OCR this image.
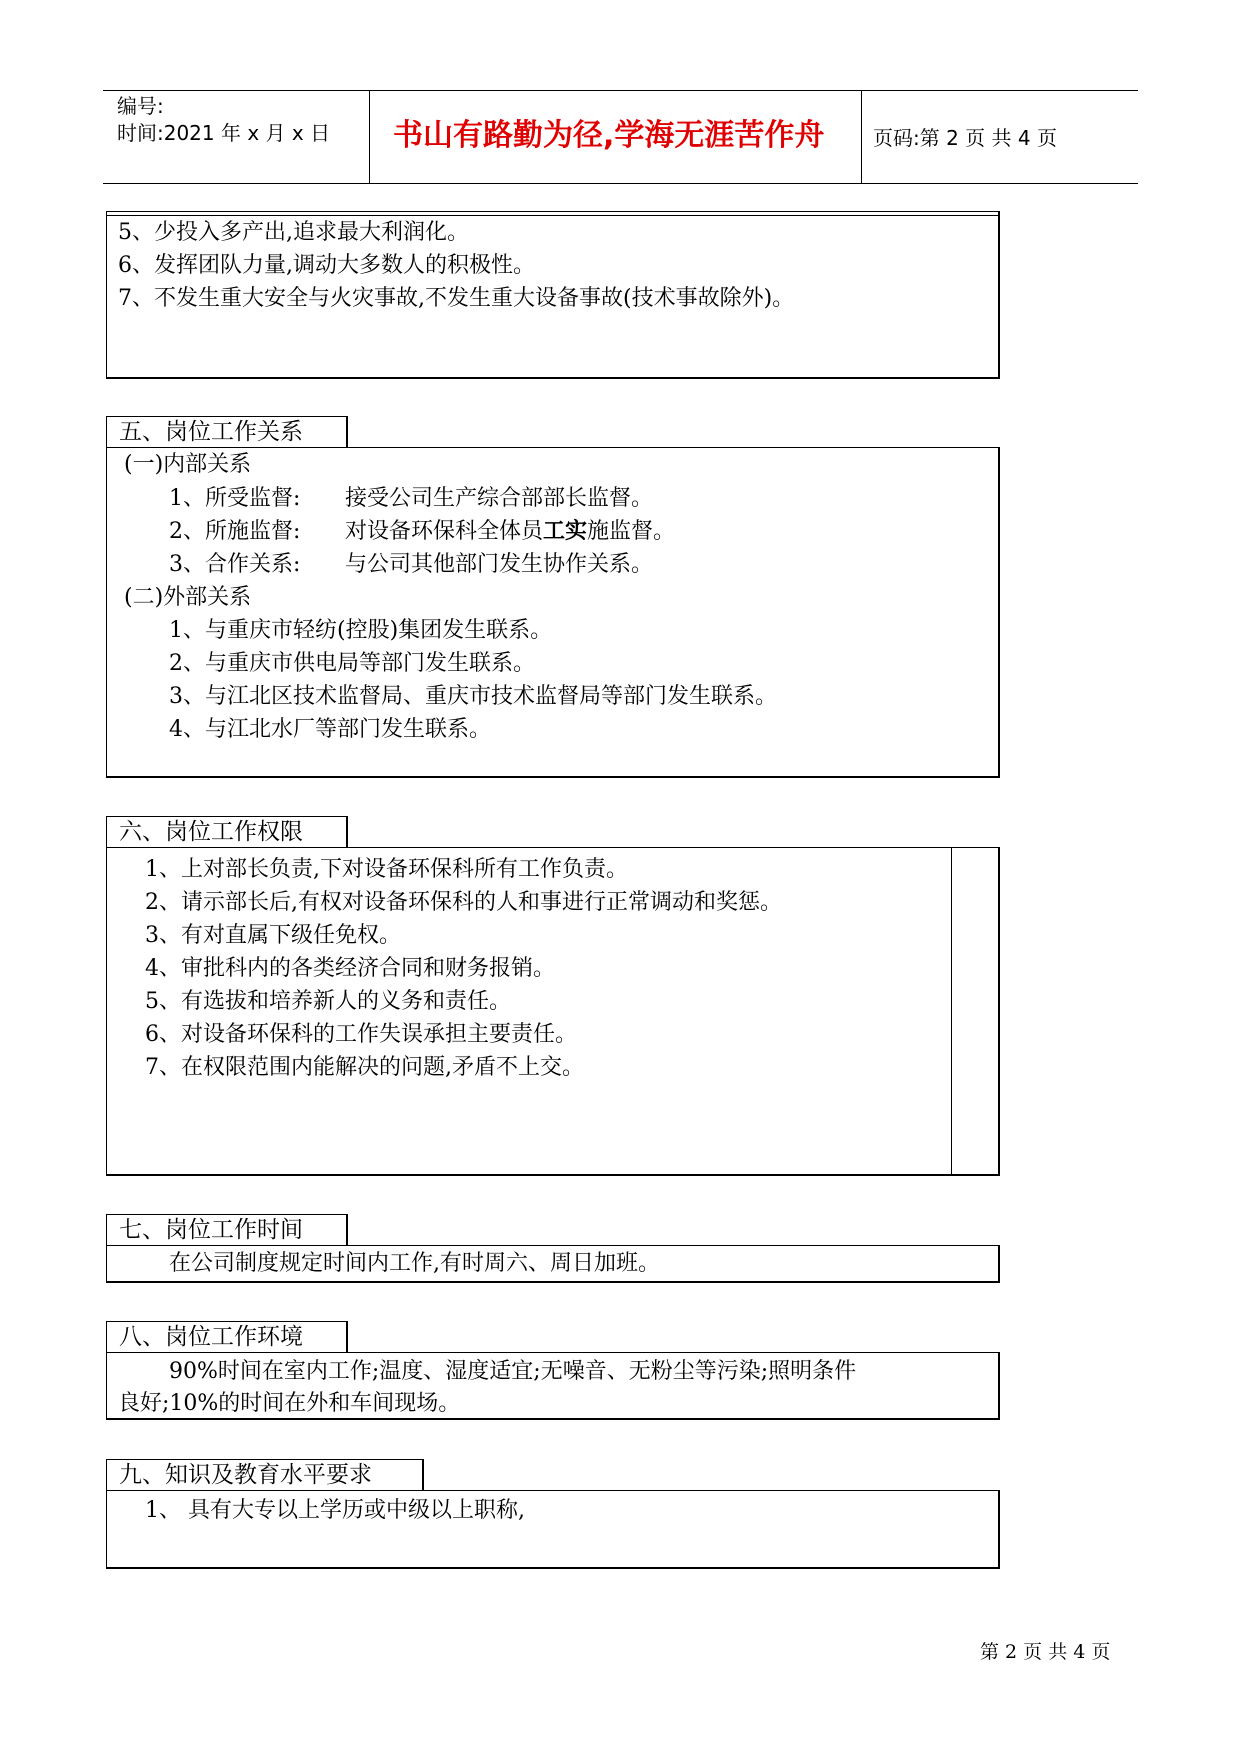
编号:
时间:2021 年 x 月 x 日 书山有路勤为径,学海无涯苦作舟 页码:第 2 页 共 4 页
5、少投入多产出,追求最大利润化。
6、发挥团队力量,调动大多数人的积极性。
7、不发生重大安全与火灾事故,不发生重大设备事故(技术事故除外)。
五、岗位工作关系
(一)内部关系
1、所受监督: 接受公司生产综合部部长监督。
2、所施监督: 对设备环保科全体员工实施监督。
3、合作关系: 与公司其他部门发生协作关系。
(二)外部关系
1、与重庆市轻纺(控股)集团发生联系。
2、与重庆市供电局等部门发生联系。
3、与江北区技术监督局、重庆市技术监督局等部门发生联系。
4、与江北水厂等部门发生联系。
六、岗位工作权限
1、上对部长负责,下对设备环保科所有工作负责。
2、请示部长后,有权对设备环保科的人和事进行正常调动和奖惩。
3、有对直属下级任免权。
4、审批科内的各类经济合同和财务报销。
5、有选拔和培养新人的义务和责任。
6、对设备环保科的工作失误承担主要责任。
7、在权限范围内能解决的问题,矛盾不上交。
七、岗位工作时间
在公司制度规定时间内工作,有时周六、周日加班。
八、岗位工作环境
90%时间在室内工作;温度、湿度适宜;无噪音、无粉尘等污染;照明条件
良好;10%的时间在外和车间现场。
九、知识及教育水平要求
1、 具有大专以上学历或中级以上职称,
第 2 页 共 4 页
